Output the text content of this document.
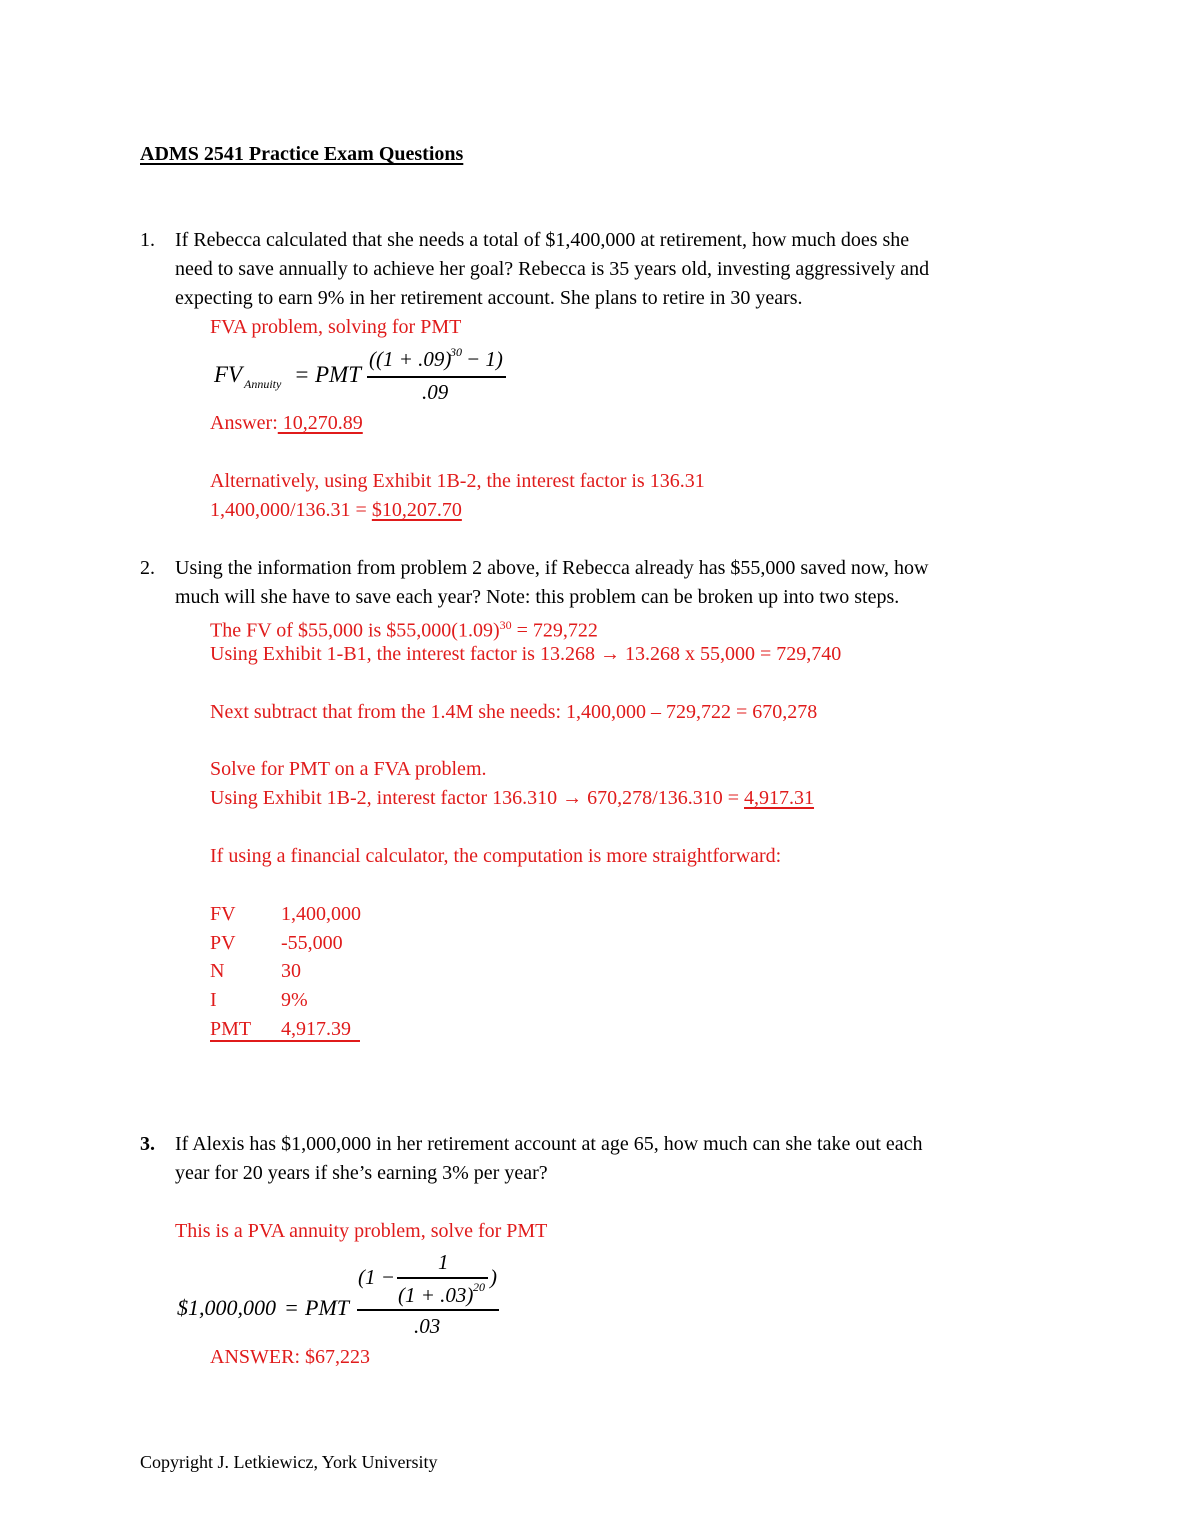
ADMS 2541 Practice Exam Questions
1. If Rebecca calculated that she needs a total of $1,400,000 at retirement, how much does she
need to save annually to achieve her goal? Rebecca is 35 years old, investing aggressively and
expecting to earn 9% in her retirement account. She plans to retire in 30 years.
FVA problem, solving for PMT
FV Annuity = PMT
((1 + .09)
30 − 1)
.09
Answer: 10,270.89
Alternatively, using Exhibit 1B-2, the interest factor is 136.31
1,400,000/136.31 = $10,207.70
2. Using the information from problem 2 above, if Rebecca already has $55,000 saved now, how
much will she have to save each year? Note: this problem can be broken up into two steps.
The FV of $55,000 is $\$55,000(1.09)^{30} = 729,722$
Using Exhibit 1-B1, the interest factor is 13.268 → 13.268 x 55,000 = 729,740
Next subtract that from the 1.4M she needs: 1,400,000 – 729,722 = 670,278
Solve for PMT on a FVA problem.
Using Exhibit 1B-2, interest factor 136.310 → 670,278/136.310 = 4,917.31
If using a financial calculator, the computation is more straightforward:
FV	1,400,000
PV	-55,000
N	30
I	9%
PMT	4,917.39
3. If Alexis has $1,000,000 in her retirement account at age 65, how much can she take out each
year for 20 years if she’s earning 3% per year?
This is a PVA annuity problem, solve for PMT
$1,000,000 = PMT
(1 −
1
(1 + .03) 20 )
.03
ANSWER: $67,223
Copyright J. Letkiewicz, York University
